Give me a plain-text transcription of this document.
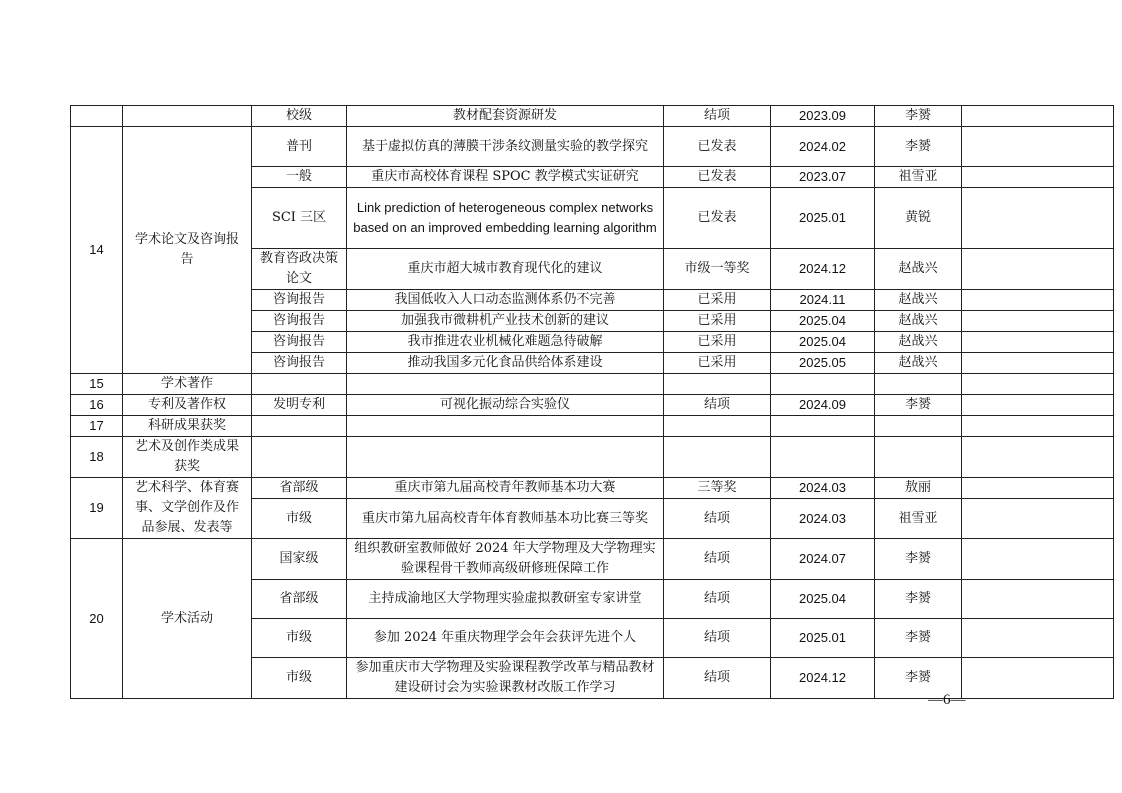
		校级	教材配套资源研发	结项	2023.09	李赟	
14	学术论文及咨询报告	普刊	基于虚拟仿真的薄膜干涉条纹测量实验的教学探究	已发表	2024.02	李赟	
		一般	重庆市高校体育课程 SPOC 教学模式实证研究	已发表	2023.07	祖雪亚	
		SCI 三区	Link prediction of heterogeneous complex networks based on an improved embedding learning algorithm	已发表	2025.01	黄锐	
		教育咨政决策论文	重庆市超大城市教育现代化的建议	市级一等奖	2024.12	赵战兴	
		咨询报告	我国低收入人口动态监测体系仍不完善	已采用	2024.11	赵战兴	
		咨询报告	加强我市微耕机产业技术创新的建议	已采用	2025.04	赵战兴	
		咨询报告	我市推进农业机械化难题急待破解	已采用	2025.04	赵战兴	
		咨询报告	推动我国多元化食品供给体系建设	已采用	2025.05	赵战兴	
15	学术著作						
16	专利及著作权	发明专利	可视化振动综合实验仪	结项	2024.09	李赟	
17	科研成果获奖						
18	艺术及创作类成果获奖						
19	艺术科学、体育赛事、文学创作及作品参展、发表等	省部级	重庆市第九届高校青年教师基本功大赛	三等奖	2024.03	敖丽	
		市级	重庆市第九届高校青年体育教师基本功比赛三等奖	结项	2024.03	祖雪亚	
20	学术活动	国家级	组织教研室教师做好 2024 年大学物理及大学物理实验课程骨干教师高级研修班保障工作	结项	2024.07	李赟	
		省部级	主持成渝地区大学物理实验虚拟教研室专家讲堂	结项	2025.04	李赟	
		市级	参加 2024 年重庆物理学会年会获评先进个人	结项	2025.01	李赟	
		市级	参加重庆市大学物理及实验课程教学改革与精品教材建设研讨会为实验课教材改版工作学习	结项	2024.12	李赟	
—6—
